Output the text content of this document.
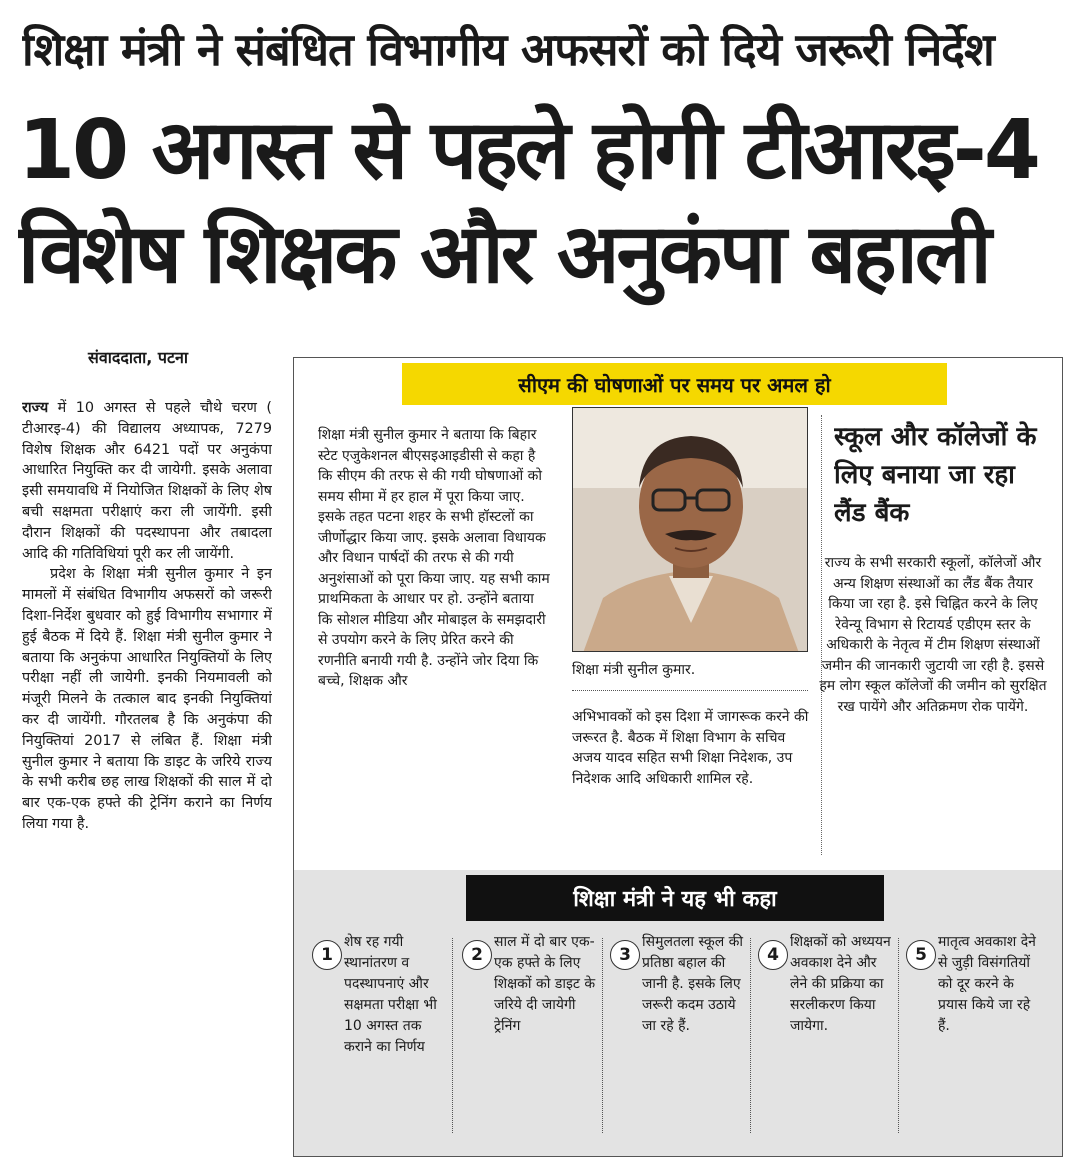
शिक्षा मंत्री ने संबंधित विभागीय अफसरों को दिये जरूरी निर्देश
10 अगस्त से पहले होगी टीआरइ-4
विशेष शिक्षक और अनुकंपा बहाली
संवाददाता, पटना

राज्य में 10 अगस्त से पहले चौथे चरण ( टीआरइ-4) की विद्यालय अध्यापक, 7279 विशेष शिक्षक और 6421 पदों पर अनुकंपा आधारित नियुक्ति कर दी जायेगी. इसके अलावा इसी समयावधि में नियोजित शिक्षकों के लिए शेष बची सक्षमता परीक्षाएं करा ली जायेंगी. इसी दौरान शिक्षकों की पदस्थापना और तबादला आदि की गतिविधियां पूरी कर ली जायेंगी.

प्रदेश के शिक्षा मंत्री सुनील कुमार ने इन मामलों में संबंधित विभागीय अफसरों को जरूरी दिशा-निर्देश बुधवार को हुई विभागीय सभागार में हुई बैठक में दिये हैं. शिक्षा मंत्री सुनील कुमार ने बताया कि अनुकंपा आधारित नियुक्तियों के लिए परीक्षा नहीं ली जायेगी. इनकी नियमावली को मंजूरी मिलने के तत्काल बाद इनकी नियुक्तियां कर दी जायेंगी. गौरतलब है कि अनुकंपा की नियुक्तियां 2017 से लंबित हैं. शिक्षा मंत्री सुनील कुमार ने बताया कि डाइट के जरिये राज्य के सभी करीब छह लाख शिक्षकों की साल में दो बार एक-एक हफ्ते की ट्रेनिंग कराने का निर्णय लिया गया है.

सीएम की घोषणाओं पर समय पर अमल हो
शिक्षा मंत्री सुनील कुमार ने बताया कि बिहार स्टेट एजुकेशनल बीएसइआइडीसी से कहा है कि सीएम की तरफ से की गयी घोषणाओं को समय सीमा में हर हाल में पूरा किया जाए. इसके तहत पटना शहर के सभी हॉस्टलों का जीर्णोद्धार किया जाए. इसके अलावा विधायक और विधान पार्षदों की तरफ से की गयी अनुशंसाओं को पूरा किया जाए. यह सभी काम प्राथमिकता के आधार पर हो. उन्होंने बताया कि सोशल मीडिया और मोबाइल के समझदारी से उपयोग करने के लिए प्रेरित करने की रणनीति बनायी गयी है. उन्होंने जोर दिया कि बच्चे, शिक्षक और
शिक्षा मंत्री सुनील कुमार.
अभिभावकों को इस दिशा में जागरूक करने की जरूरत है. बैठक में शिक्षा विभाग के सचिव अजय यादव सहित सभी शिक्षा निदेशक, उप निदेशक आदि अधिकारी शामिल रहे.
स्कूल और कॉलेजों के लिए बनाया जा रहा लैंड बैंक
राज्य के सभी सरकारी स्कूलों, कॉलेजों और अन्य शिक्षण संस्थाओं का लैंड बैंक तैयार किया जा रहा है. इसे चिह्नित करने के लिए रेवेन्यू विभाग से रिटायर्ड एडीएम स्तर के अधिकारी के नेतृत्व में टीम शिक्षण संस्थाओं जमीन की जानकारी जुटायी जा रही है. इससे हम लोग स्कूल कॉलेजों की जमीन को सुरक्षित रख पायेंगे और अतिक्रमण रोक पायेंगे.
शिक्षा मंत्री ने यह भी कहा
1
शेष रह गयी स्थानांतरण व पदस्थापनाएं और सक्षमता परीक्षा भी 10 अगस्त तक कराने का निर्णय
2
साल में दो बार एक-एक हफ्ते के लिए शिक्षकों को डाइट के जरिये दी जायेगी ट्रेनिंग
3
सिमुलतला स्कूल की प्रतिष्ठा बहाल की जानी है. इसके लिए जरूरी कदम उठाये जा रहे हैं.
4
शिक्षकों को अध्ययन अवकाश देने और लेने की प्रक्रिया का सरलीकरण किया जायेगा.
5
मातृत्व अवकाश देने से जुड़ी विसंगतियों को दूर करने के प्रयास किये जा रहे हैं.
